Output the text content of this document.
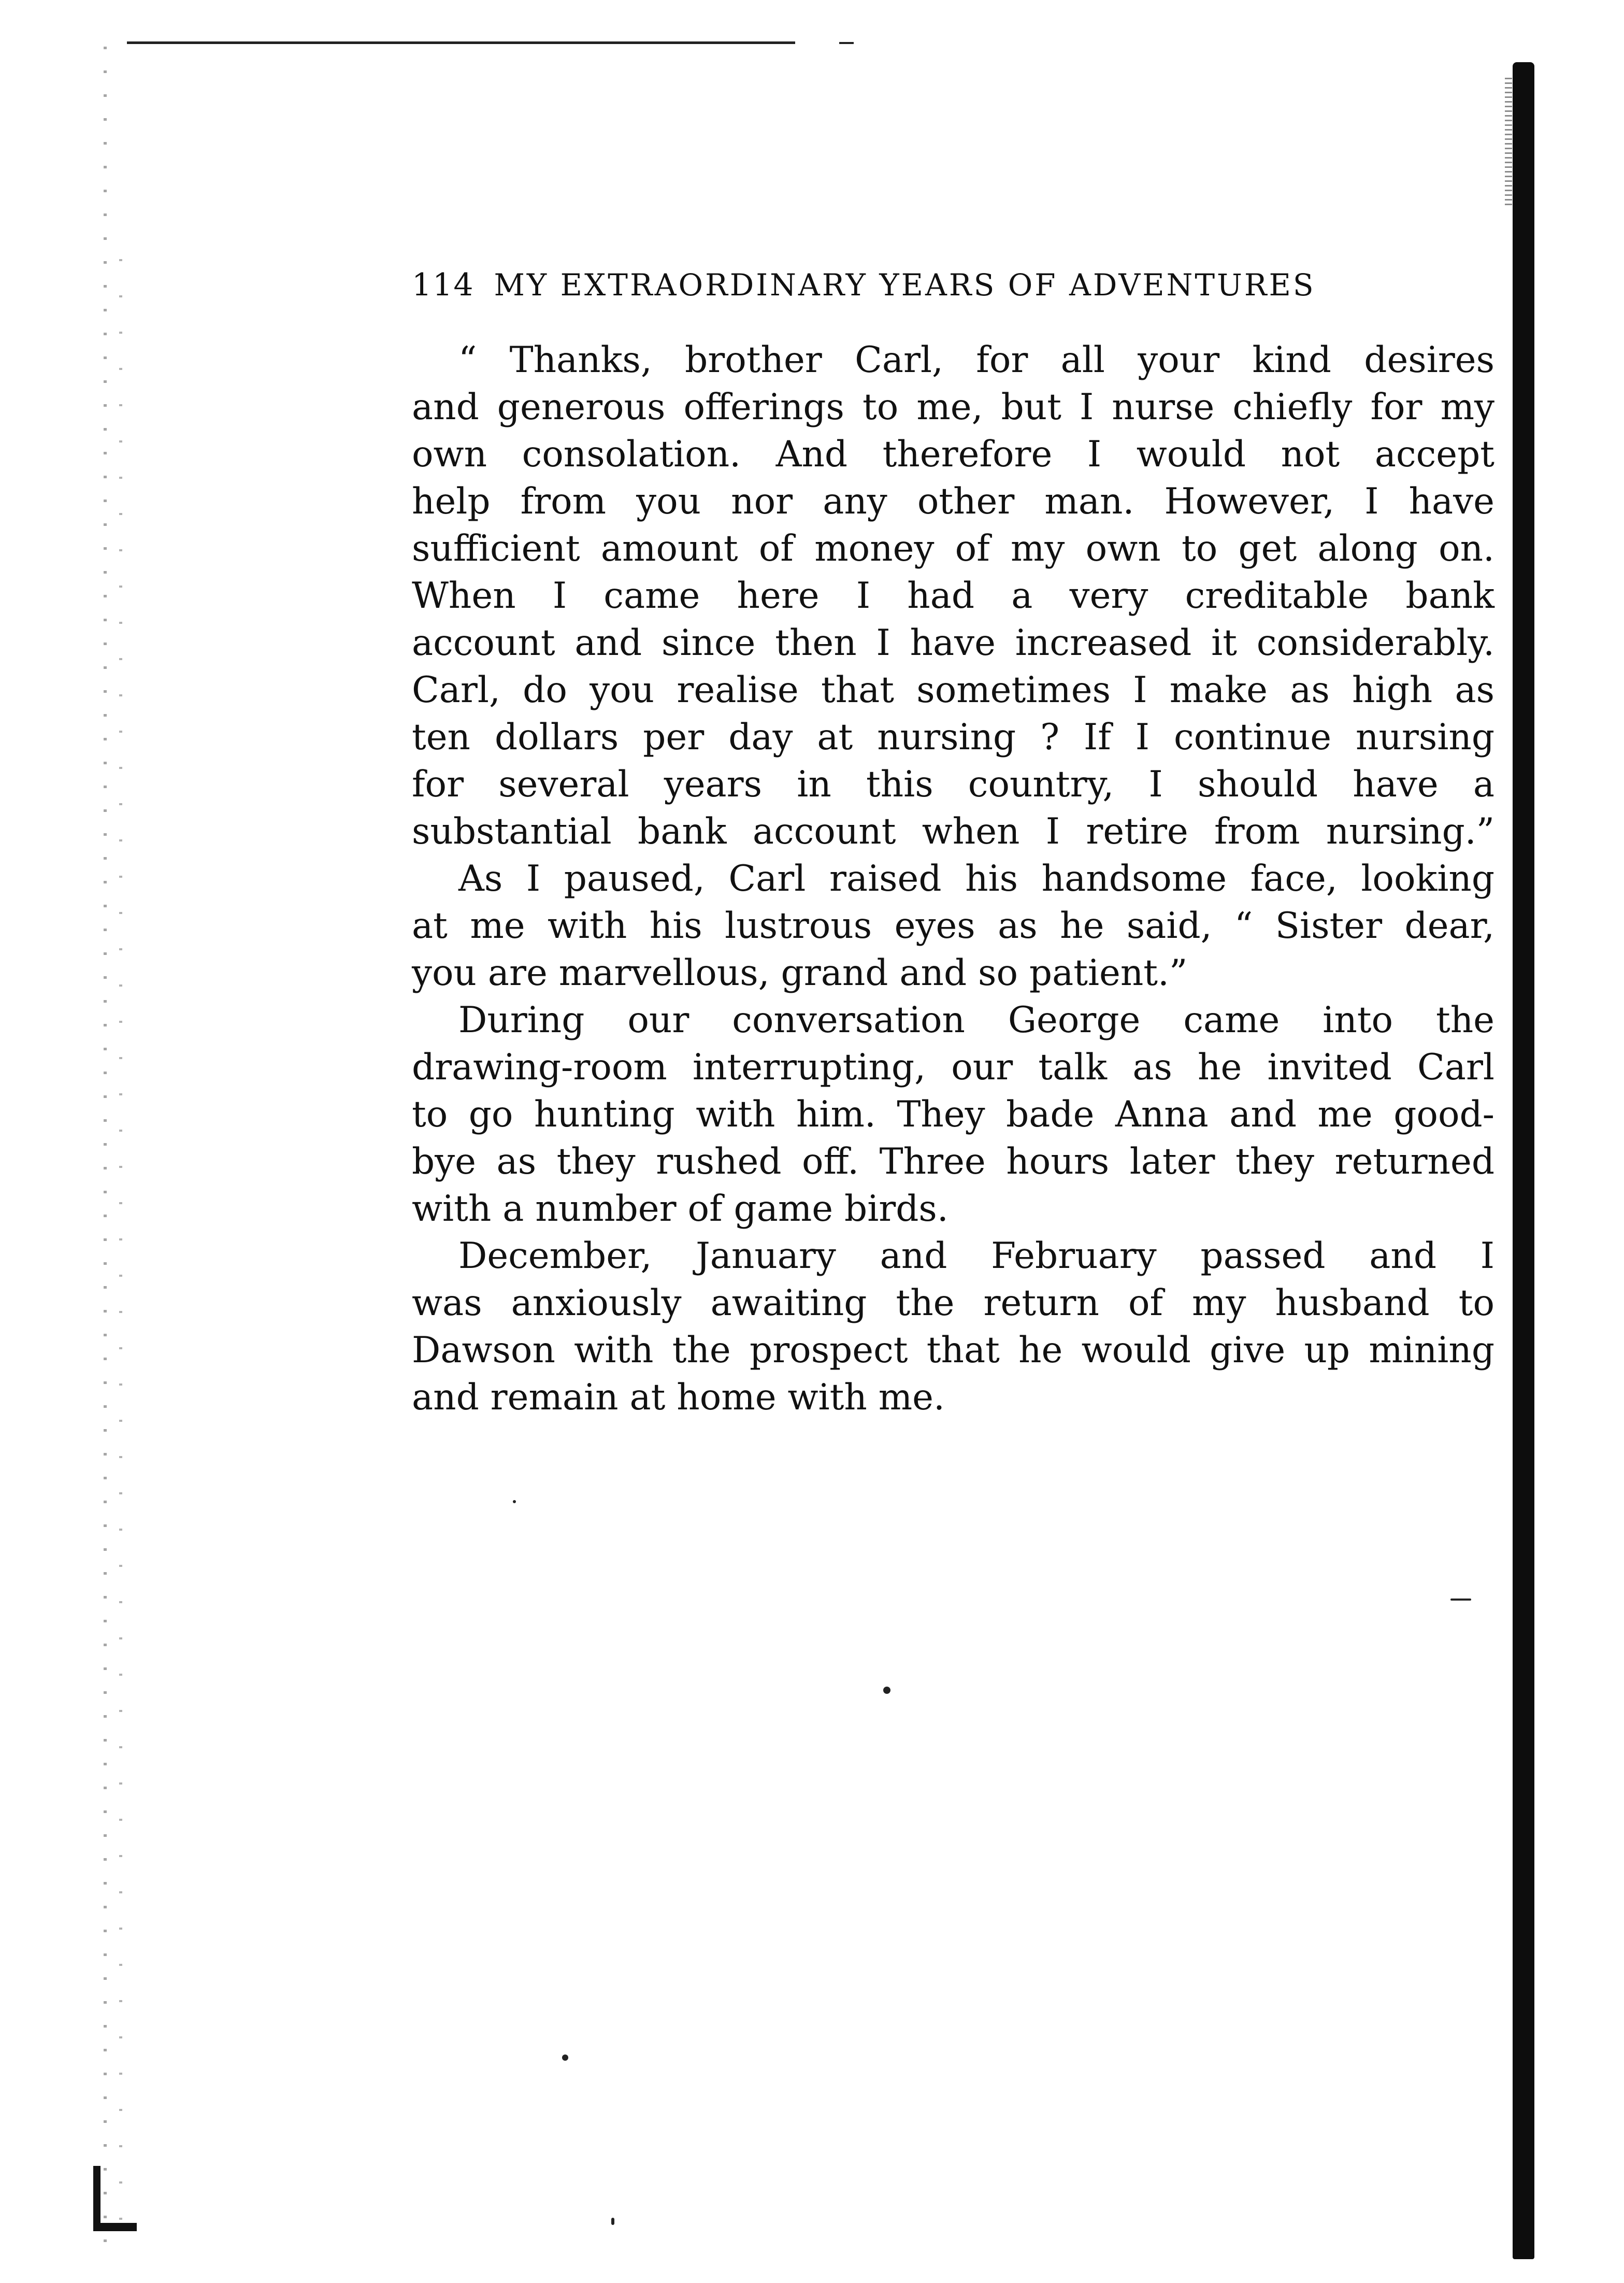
114 MY EXTRAORDINARY YEARS OF ADVENTURES
“ Thanks, brother Carl, for all your kind desires
and generous offerings to me, but I nurse chiefly for my
own consolation. And therefore I would not accept
help from you nor any other man. However, I have
sufficient amount of money of my own to get along on.
When I came here I had a very creditable bank
account and since then I have increased it considerably.
Carl, do you realise that sometimes I make as high as
ten dollars per day at nursing ? If I continue nursing
for several years in this country, I should have a
substantial bank account when I retire from nursing.”
As I paused, Carl raised his handsome face, looking
at me with his lustrous eyes as he said, “ Sister dear,
you are marvellous, grand and so patient.”
During our conversation George came into the
drawing-room interrupting, our talk as he invited Carl
to go hunting with him. They bade Anna and me good-
bye as they rushed off. Three hours later they returned
with a number of game birds.
December, January and February passed and I
was anxiously awaiting the return of my husband to
Dawson with the prospect that he would give up mining
and remain at home with me.
